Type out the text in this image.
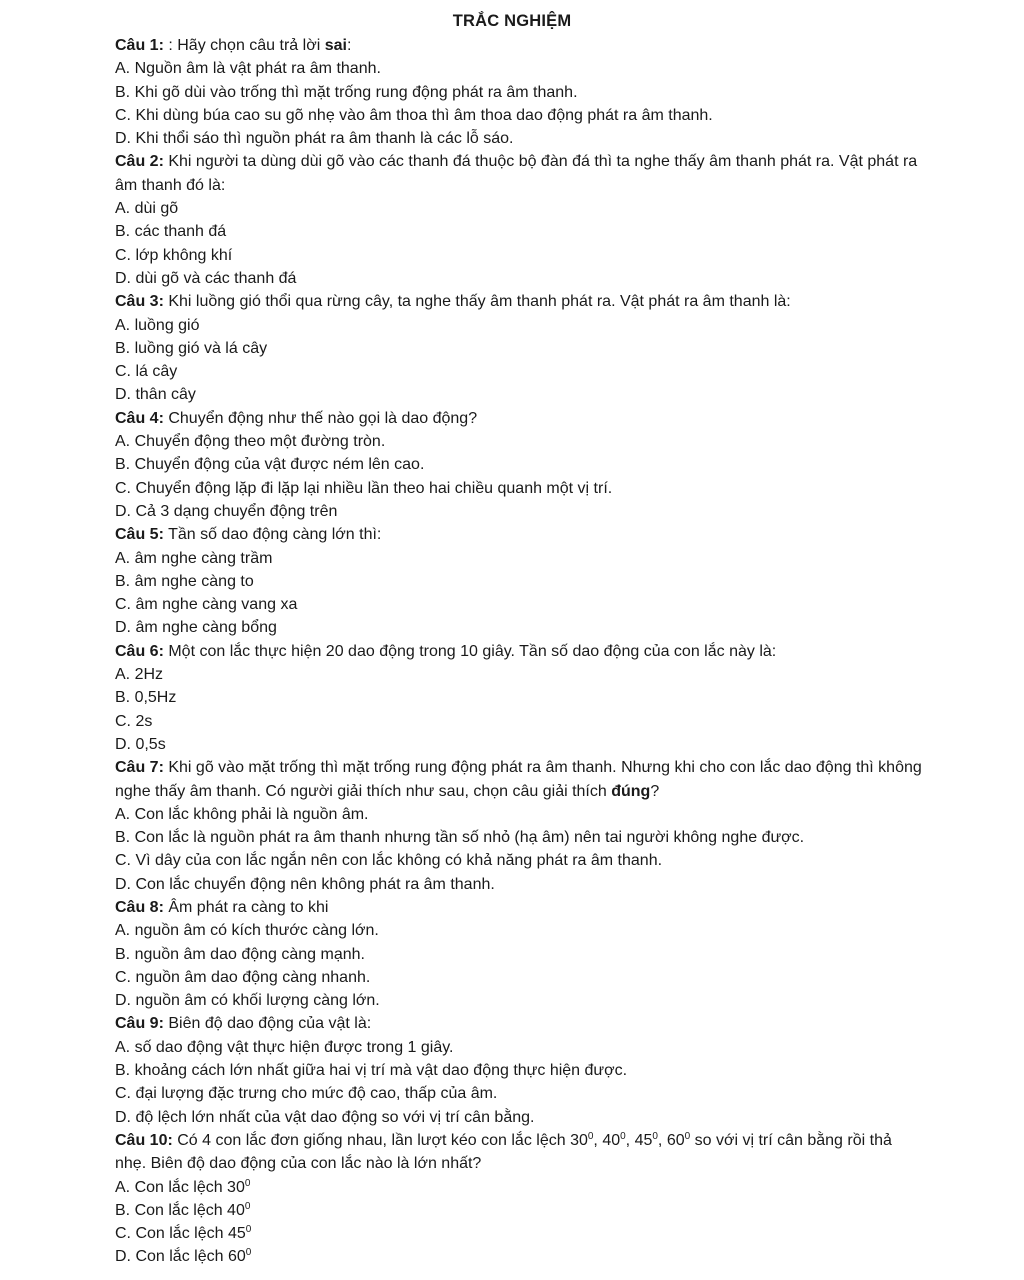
TRẮC NGHIỆM
Câu 1: : Hãy chọn câu trả lời sai:
A. Nguồn âm là vật phát ra âm thanh.
B. Khi gõ dùi vào trống thì mặt trống rung động phát ra âm thanh.
C. Khi dùng búa cao su gõ nhẹ vào âm thoa thì âm thoa dao động phát ra âm thanh.
D. Khi thổi sáo thì nguồn phát ra âm thanh là các lỗ sáo.
Câu 2: Khi người ta dùng dùi gõ vào các thanh đá thuộc bộ đàn đá thì ta nghe thấy âm thanh phát ra. Vật phát ra âm thanh đó là:
A. dùi gõ
B. các thanh đá
C. lớp không khí
D. dùi gõ và các thanh đá
Câu 3: Khi luồng gió thổi qua rừng cây, ta nghe thấy âm thanh phát ra. Vật phát ra âm thanh là:
A. luồng gió
B. luồng gió và lá cây
C. lá cây
D. thân cây
Câu 4: Chuyển động như thế nào gọi là dao động?
A. Chuyển động theo một đường tròn.
B. Chuyển động của vật được ném lên cao.
C. Chuyển động lặp đi lặp lại nhiều lần theo hai chiều quanh một vị trí.
D. Cả 3 dạng chuyển động trên
Câu 5: Tần số dao động càng lớn thì:
A. âm nghe càng trầm
B. âm nghe càng to
C. âm nghe càng vang xa
D. âm nghe càng bổng
Câu 6: Một con lắc thực hiện 20 dao động trong 10 giây. Tần số dao động của con lắc này là:
A. 2Hz
B. 0,5Hz
C. 2s
D. 0,5s
Câu 7: Khi gõ vào mặt trống thì mặt trống rung động phát ra âm thanh. Nhưng khi cho con lắc dao động thì không nghe thấy âm thanh. Có người giải thích như sau, chọn câu giải thích đúng?
A. Con lắc không phải là nguồn âm.
B. Con lắc là nguồn phát ra âm thanh nhưng tần số nhỏ (hạ âm) nên tai người không nghe được.
C. Vì dây của con lắc ngắn nên con lắc không có khả năng phát ra âm thanh.
D. Con lắc chuyển động nên không phát ra âm thanh.
Câu 8: Âm phát ra càng to khi
A. nguồn âm có kích thước càng lớn.
B. nguồn âm dao động càng mạnh.
C. nguồn âm dao động càng nhanh.
D. nguồn âm có khối lượng càng lớn.
Câu 9: Biên độ dao động của vật là:
A. số dao động vật thực hiện được trong 1 giây.
B. khoảng cách lớn nhất giữa hai vị trí mà vật dao động thực hiện được.
C. đại lượng đặc trưng cho mức độ cao, thấp của âm.
D. độ lệch lớn nhất của vật dao động so với vị trí cân bằng.
Câu 10: Có 4 con lắc đơn giống nhau, lần lượt kéo con lắc lệch $30^0$, $40^0$, $45^0$, $60^0$ so với vị trí cân bằng rồi thả nhẹ. Biên độ dao động của con lắc nào là lớn nhất?
A. Con lắc lệch $30^0$
B. Con lắc lệch $40^0$
C. Con lắc lệch $45^0$
D. Con lắc lệch $60^0$
